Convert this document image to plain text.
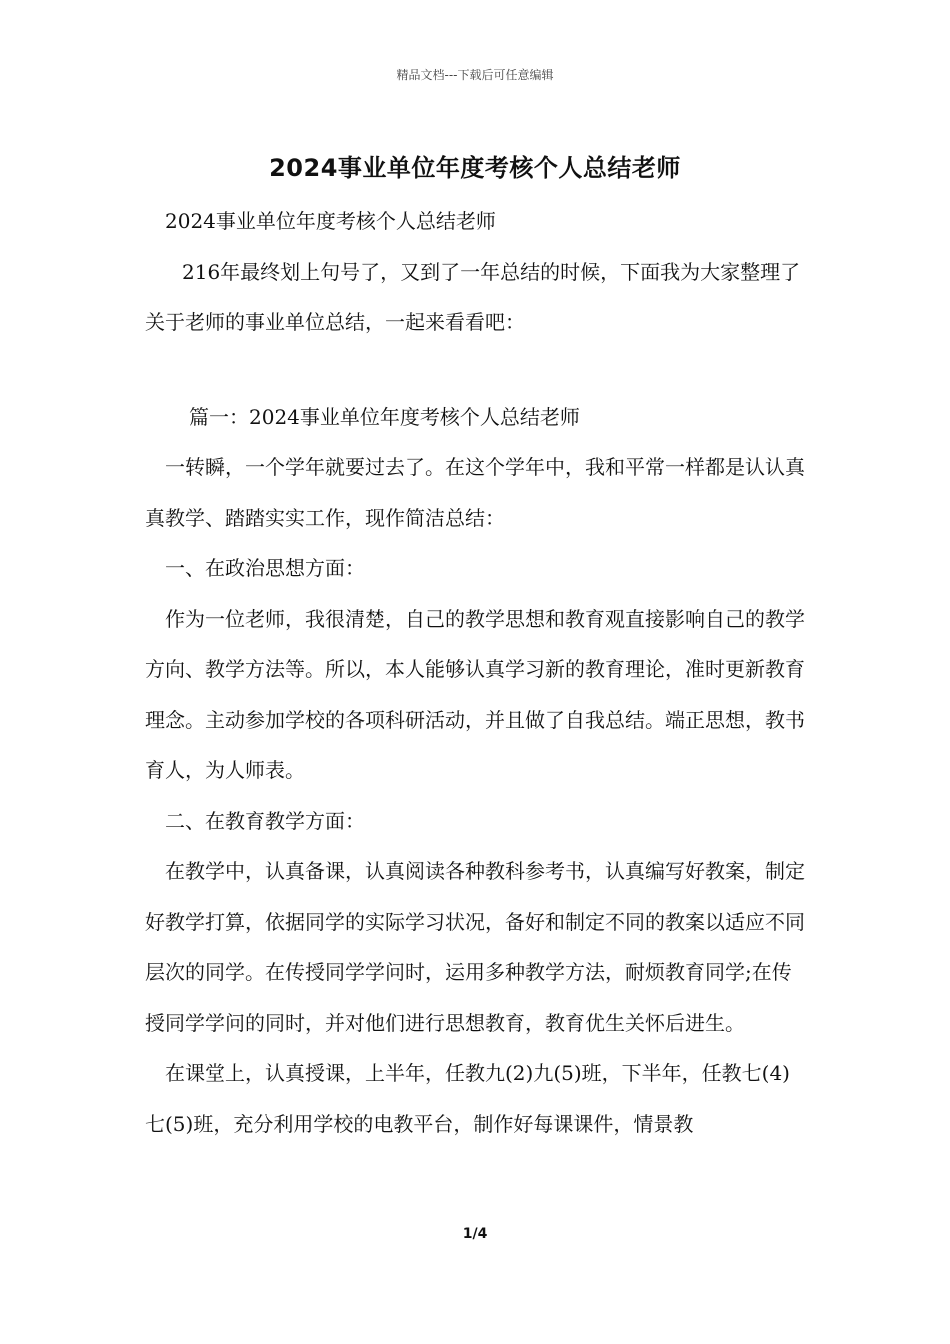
精品文档---下载后可任意编辑
2024事业单位年度考核个人总结老师

2024事业单位年度考核个人总结老师

216年最终划上句号了，又到了一年总结的时候，下面我为大家整理了关于老师的事业单位总结，一起来看看吧：

篇一：2024事业单位年度考核个人总结老师

一转瞬，一个学年就要过去了。在这个学年中，我和平常一样都是认认真真教学、踏踏实实工作，现作简洁总结：

一、在政治思想方面：

作为一位老师，我很清楚，自己的教学思想和教育观直接影响自己的教学方向、教学方法等。所以，本人能够认真学习新的教育理论，准时更新教育理念。主动参加学校的各项科研活动，并且做了自我总结。端正思想，教书育人，为人师表。

二、在教育教学方面：

在教学中，认真备课，认真阅读各种教科参考书，认真编写好教案，制定好教学打算，依据同学的实际学习状况，备好和制定不同的教案以适应不同层次的同学。在传授同学学问时，运用多种教学方法，耐烦教育同学;在传授同学学问的同时，并对他们进行思想教育，教育优生关怀后进生。

在课堂上，认真授课，上半年，任教九(2)九(5)班，下半年，任教七(4)七(5)班，充分利用学校的电教平台，制作好每课课件，情景教

1/4
